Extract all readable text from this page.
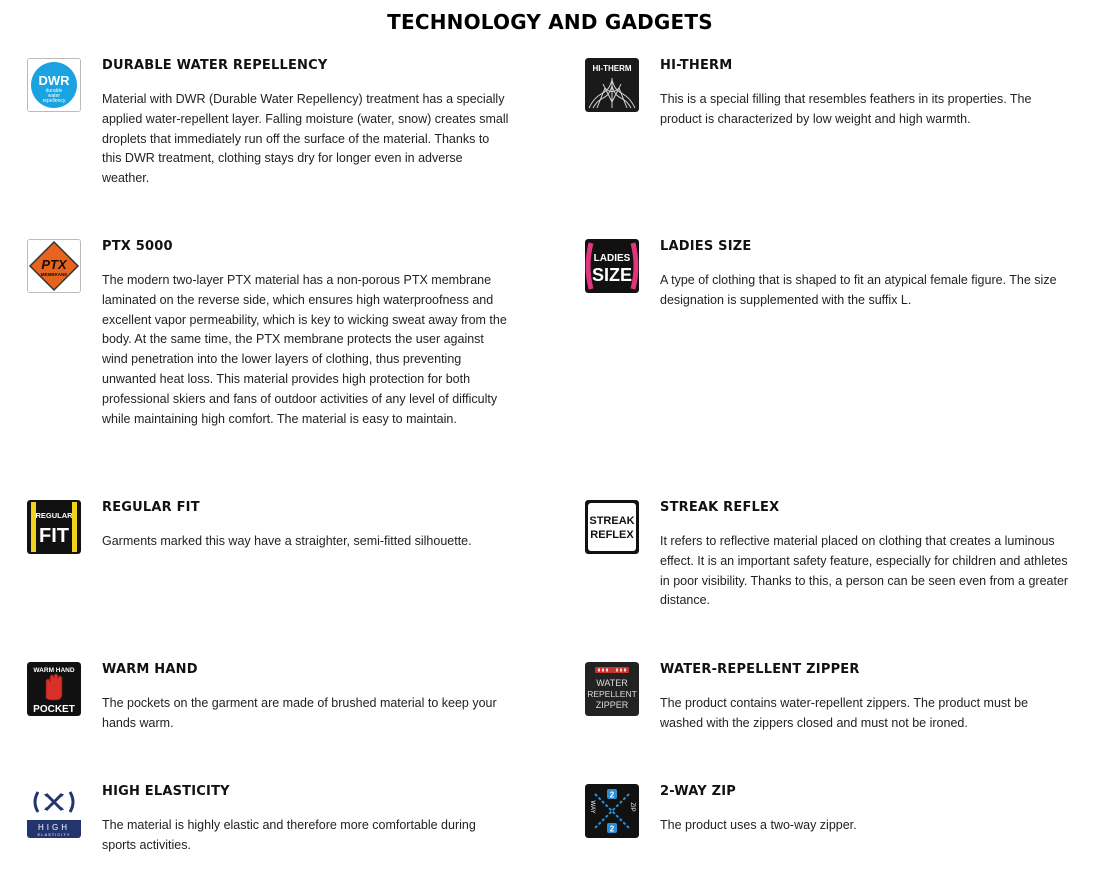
TECHNOLOGY AND GADGETS
DWR
durable
water
repellency
DURABLE WATER REPELLENCY
Material with DWR (Durable Water Repellency) treatment has a specially applied water-repellent layer. Falling moisture (water, snow) creates small droplets that immediately run off the surface of the material. Thanks to this DWR treatment, clothing stays dry for longer even in adverse weather.
HI-THERM HI-THERM
This is a special filling that resembles feathers in its properties. The product is characterized by low weight and high warmth.
PTX
MEMBRANE
PTX 5000
The modern two-layer PTX material has a non-porous PTX membrane laminated on the reverse side, which ensures high waterproofness and excellent vapor permeability, which is key to wicking sweat away from the body. At the same time, the PTX membrane protects the user against wind penetration into the lower layers of clothing, thus preventing unwanted heat loss. This material provides high protection for both professional skiers and fans of outdoor activities of any level of difficulty while maintaining high comfort. The material is easy to maintain.
LADIES
SIZE
LADIES SIZE
A type of clothing that is shaped to fit an atypical female figure. The size designation is supplemented with the suffix L.
REGULAR
FIT
REGULAR FIT
Garments marked this way have a straighter, semi-fitted silhouette.
STREAK
REFLEX
STREAK REFLEX
It refers to reflective material placed on clothing that creates a luminous effect. It is an important safety feature, especially for children and athletes in poor visibility. Thanks to this, a person can be seen even from a greater distance.
WARM HAND
POCKET
WARM HAND
The pockets on the garment are made of brushed material to keep your hands warm.
WATER
REPELLENT
ZIPPER
WATER-REPELLENT ZIPPER
The product contains water-repellent zippers. The product must be washed with the zippers closed and must not be ironed.
HIGH
ELASTICITY
HIGH ELASTICITY
The material is highly elastic and therefore more comfortable during sports activities.
2
2
WAY	ZIP
2-WAY ZIP
The product uses a two-way zipper.
